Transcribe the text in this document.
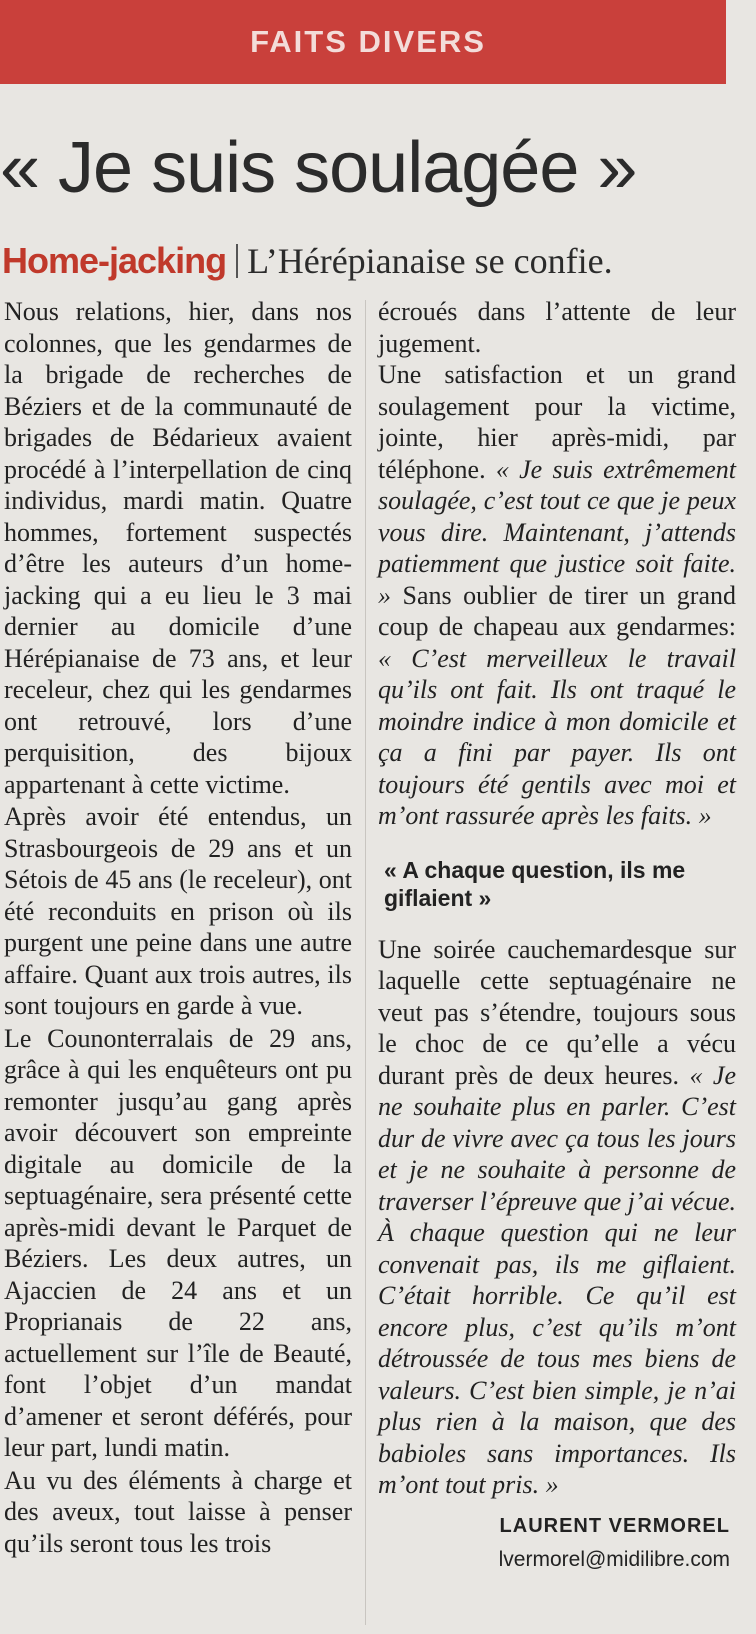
FAITS DIVERS
« Je suis soulagée »
Home-jacking L’Hérépianaise se confie.

Nous relations, hier, dans nos colonnes, que les gendarmes de la brigade de recherches de Béziers et de la communauté de brigades de Bédarieux avaient procédé à l’interpellation de cinq individus, mardi matin. Quatre hommes, fortement suspectés d’être les auteurs d’un home-jacking qui a eu lieu le 3 mai dernier au domicile d’une Hérépianaise de 73 ans, et leur receleur, chez qui les gendarmes ont retrouvé, lors d’une perquisition, des bijoux appartenant à cette victime.

Après avoir été entendus, un Strasbourgeois de 29 ans et un Sétois de 45 ans (le receleur), ont été reconduits en prison où ils purgent une peine dans une autre affaire. Quant aux trois autres, ils sont toujours en garde à vue.

Le Counonterralais de 29 ans, grâce à qui les enquêteurs ont pu remonter jusqu’au gang après avoir découvert son empreinte digitale au domicile de la septuagénaire, sera présenté cette après-midi devant le Parquet de Béziers. Les deux autres, un Ajaccien de 24 ans et un Proprianais de 22 ans, actuellement sur l’île de Beauté, font l’objet d’un mandat d’amener et seront déférés, pour leur part, lundi matin.

Au vu des éléments à charge et des aveux, tout laisse à penser qu’ils seront tous les trois

écroués dans l’attente de leur jugement.

Une satisfaction et un grand soulagement pour la victime, jointe, hier après-midi, par téléphone. « Je suis extrêmement soulagée, c’est tout ce que je peux vous dire. Maintenant, j’attends patiemment que justice soit faite. » Sans oublier de tirer un grand coup de chapeau aux gendarmes: « C’est merveilleux le travail qu’ils ont fait. Ils ont traqué le moindre indice à mon domicile et ça a fini par payer. Ils ont toujours été gentils avec moi et m’ont rassurée après les faits. »

« A chaque question, ils me giflaient »

Une soirée cauchemardesque sur laquelle cette septuagénaire ne veut pas s’étendre, toujours sous le choc de ce qu’elle a vécu durant près de deux heures. « Je ne souhaite plus en parler. C’est dur de vivre avec ça tous les jours et je ne souhaite à personne de traverser l’épreuve que j’ai vécue. À chaque question qui ne leur convenait pas, ils me giflaient. C’était horrible. Ce qu’il est encore plus, c’est qu’ils m’ont détroussée de tous mes biens de valeurs. C’est bien simple, je n’ai plus rien à la maison, que des babioles sans importances. Ils m’ont tout pris. »

LAURENT VERMOREL
lvermorel@midilibre.com
